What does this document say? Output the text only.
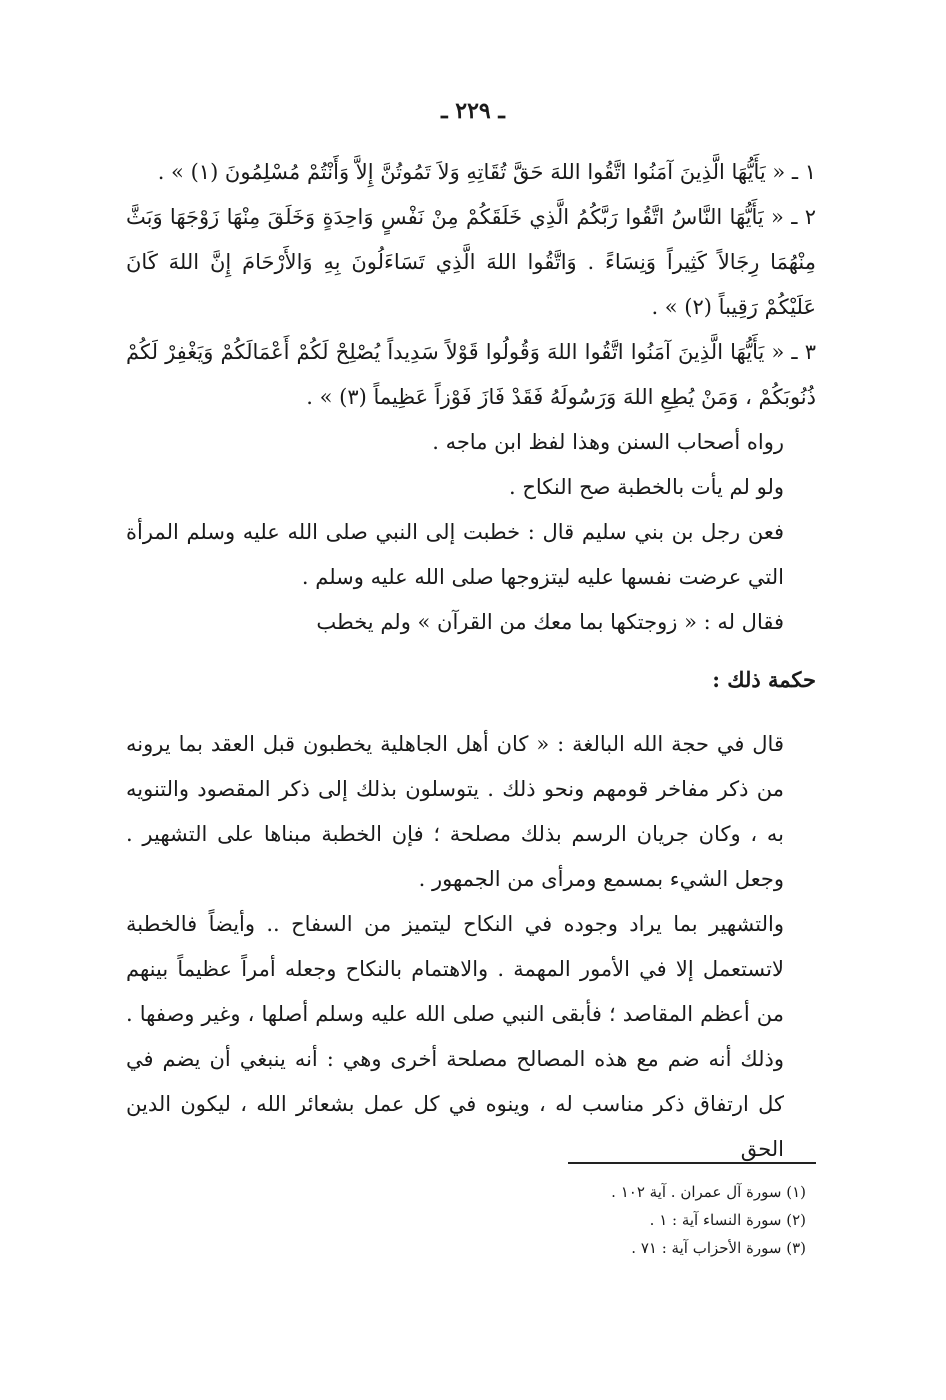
ـ ٢٢٩ ـ

١ ـ « يَأَيُّهَا الَّذِينَ آمَنُوا اتَّقُوا اللهَ حَقَّ تُقَاتِهِ وَلاَ تَمُوتُنَّ إِلاَّ وَأَنْتُمْ مُسْلِمُونَ (١) » .

٢ ـ « يَأَيُّهَا النَّاسُ اتَّقُوا رَبَّكُمُ الَّذِي خَلَقَكُمْ مِنْ نَفْسٍ وَاحِدَةٍ وَخَلَقَ مِنْهَا زَوْجَهَا وَبَثَّ مِنْهُمَا رِجَالاً كَثِيراً وَنِسَاءً . وَاتَّقُوا اللهَ الَّذِي تَسَاءَلُونَ بِهِ وَالأَرْحَامَ إِنَّ اللهَ كَانَ عَلَيْكُمْ رَقِيباً (٢) » .

٣ ـ « يَأَيُّهَا الَّذِينَ آمَنُوا اتَّقُوا اللهَ وَقُولُوا قَوْلاً سَدِيداً يُصْلِحْ لَكُمْ أَعْمَالَكُمْ وَيَغْفِرْ لَكُمْ ذُنُوبَكُمْ ، وَمَنْ يُطِعِ اللهَ وَرَسُولَهُ فَقَدْ فَازَ فَوْزاً عَظِيماً (٣) » .

رواه أصحاب السنن وهذا لفظ ابن ماجه .

ولو لم يأت بالخطبة صح النكاح .

فعن رجل بن بني سليم قال : خطبت إلى النبي صلى الله عليه وسلم المرأة التي عرضت نفسها عليه ليتزوجها صلى الله عليه وسلم .

فقال له : « زوجتكها بما معك من القرآن » ولم يخطب

حكمة ذلك :

قال في حجة الله البالغة : « كان أهل الجاهلية يخطبون قبل العقد بما يرونه من ذكر مفاخر قومهم ونحو ذلك . يتوسلون بذلك إلى ذكر المقصود والتنويه به ، وكان جريان الرسم بذلك مصلحة ؛ فإن الخطبة مبناها على التشهير . وجعل الشيء بمسمع ومرأى من الجمهور .

والتشهير بما يراد وجوده في النكاح ليتميز من السفاح .. وأيضاً فالخطبة لاتستعمل إلا في الأمور المهمة . والاهتمام بالنكاح وجعله أمراً عظيماً بينهم من أعظم المقاصد ؛ فأبقى النبي صلى الله عليه وسلم أصلها ، وغير وصفها . وذلك أنه ضم مع هذه المصالح مصلحة أخرى وهي : أنه ينبغي أن يضم في كل ارتفاق ذكر مناسب له ، وينوه في كل عمل بشعائر الله ، ليكون الدين الحق

(١) سورة آل عمران . آية ١٠٢ .
(٢) سورة النساء آية : ١ .
(٣) سورة الأحزاب آية : ٧١ .
